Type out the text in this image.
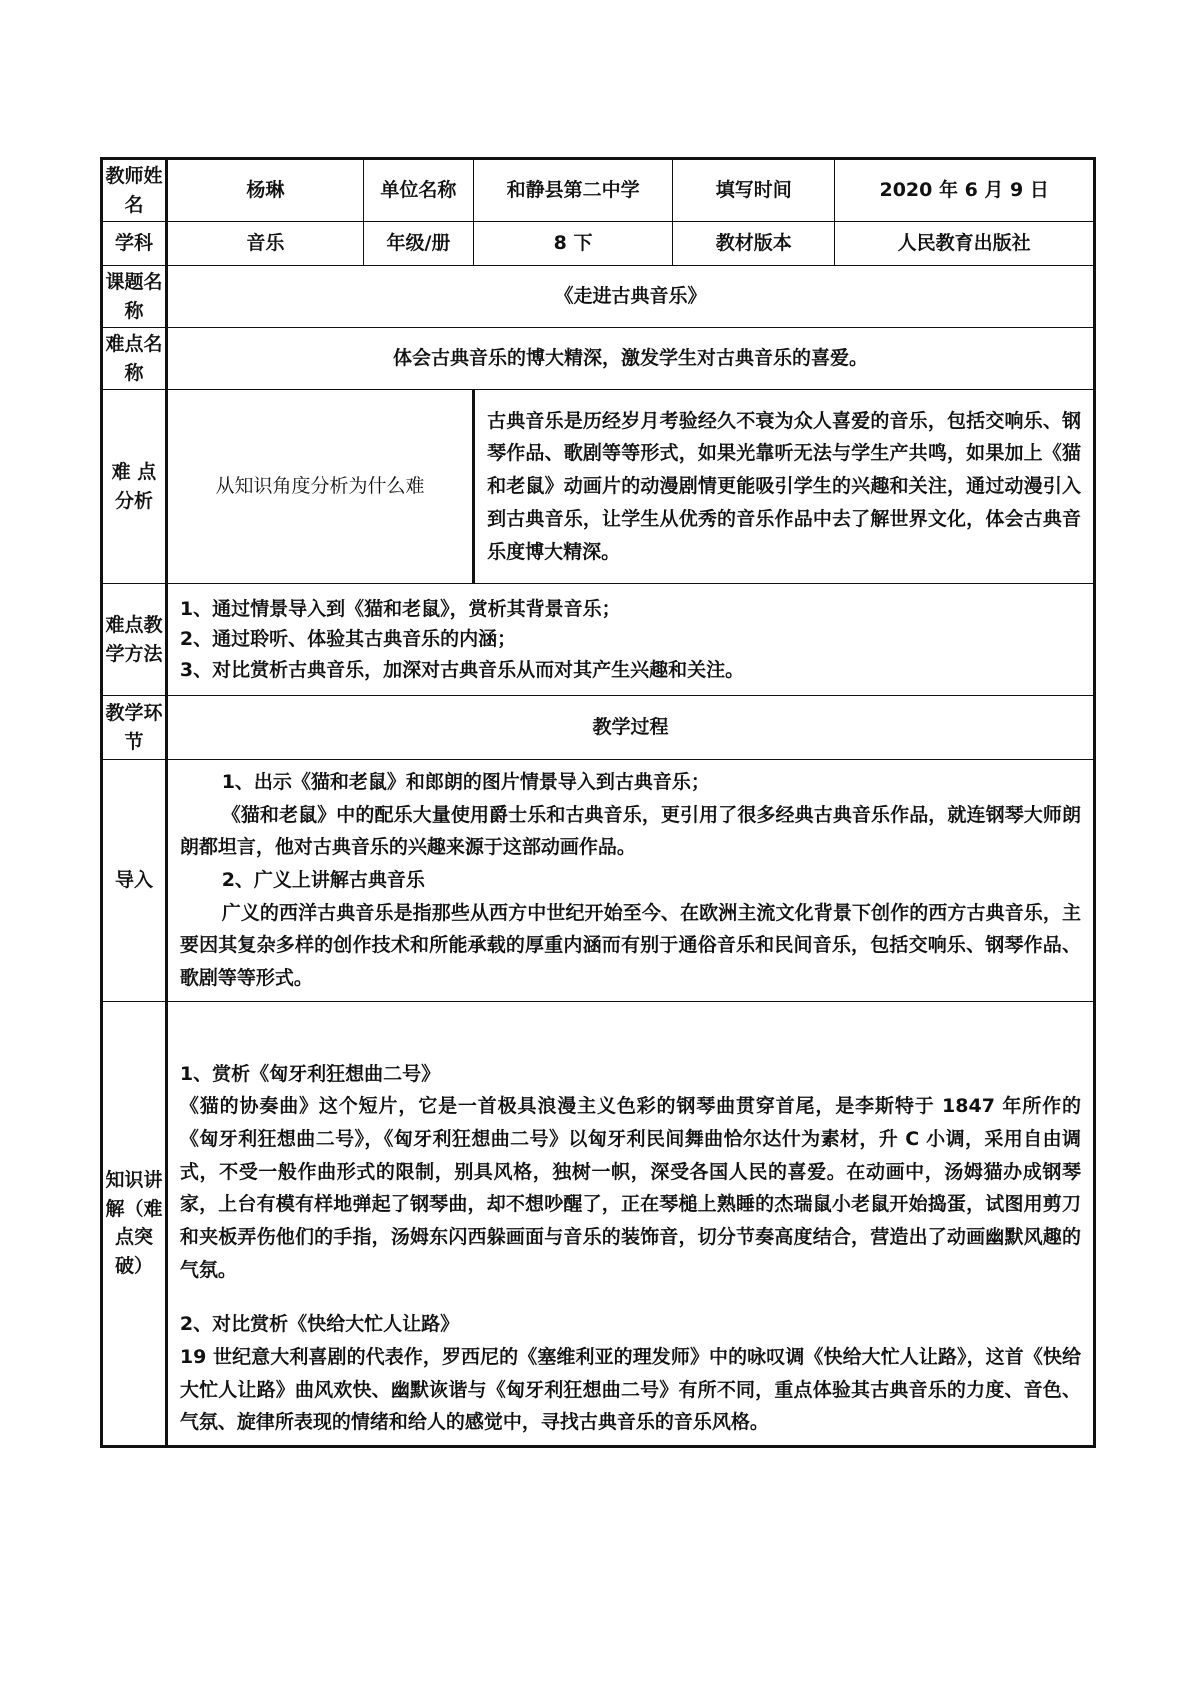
教师姓名	杨琳	单位名称	和静县第二中学	填写时间	2020 年 6 月 9 日
学科	音乐	年级/册	8 下	教材版本	人民教育出版社
课题名称	《走进古典音乐》				
难点名称	体会古典音乐的博大精深，激发学生对古典音乐的喜爱。				
难 点分析	从知识角度分析为什么难		古典音乐是历经岁月考验经久不衰为众人喜爱的音乐，包括交响乐、钢琴作品、歌剧等等形式，如果光靠听无法与学生产共鸣，如果加上《猫和老鼠》动画片的动漫剧情更能吸引学生的兴趣和关注，通过动漫引入到古典音乐，让学生从优秀的音乐作品中去了解世界文化，体会古典音乐度博大精深。		
难点教学方法	1、通过情景导入到《猫和老鼠》，赏析其背景音乐；
2、通过聆听、体验其古典音乐的内涵；
3、对比赏析古典音乐，加深对古典音乐从而对其产生兴趣和关注。				

教学环节	教学过程				
导入	1、出示《猫和老鼠》和郎朗的图片情景导入到古典音乐；
《猫和老鼠》中的配乐大量使用爵士乐和古典音乐，更引用了很多经典古典音乐作品，就连钢琴大师朗朗都坦言，他对古典音乐的兴趣来源于这部动画作品。
2、广义上讲解古典音乐
广义的西洋古典音乐是指那些从西方中世纪开始至今、在欧洲主流文化背景下创作的西方古典音乐，主要因其复杂多样的创作技术和所能承载的厚重内涵而有别于通俗音乐和民间音乐，包括交响乐、钢琴作品、歌剧等等形式。				

知识讲解（难点突破）	1、赏析《匈牙利狂想曲二号》
《猫的协奏曲》这个短片，它是一首极具浪漫主义色彩的钢琴曲贯穿首尾，是李斯特于 1847 年所作的《匈牙利狂想曲二号》，《匈牙利狂想曲二号》以匈牙利民间舞曲恰尔达什为素材，升 C 小调，采用自由调式，不受一般作曲形式的限制，别具风格，独树一帜，深受各国人民的喜爱。在动画中，汤姆猫办成钢琴家，上台有模有样地弹起了钢琴曲，却不想吵醒了，正在琴槌上熟睡的杰瑞鼠小老鼠开始捣蛋，试图用剪刀和夹板弄伤他们的手指，汤姆东闪西躲画面与音乐的装饰音，切分节奏高度结合，营造出了动画幽默风趣的气氛。
2、对比赏析《快给大忙人让路》
19 世纪意大利喜剧的代表作，罗西尼的《塞维利亚的理发师》中的咏叹调《快给大忙人让路》，这首《快给大忙人让路》曲风欢快、幽默诙谐与《匈牙利狂想曲二号》有所不同，重点体验其古典音乐的力度、音色、气氛、旋律所表现的情绪和给人的感觉中，寻找古典音乐的音乐风格。				
